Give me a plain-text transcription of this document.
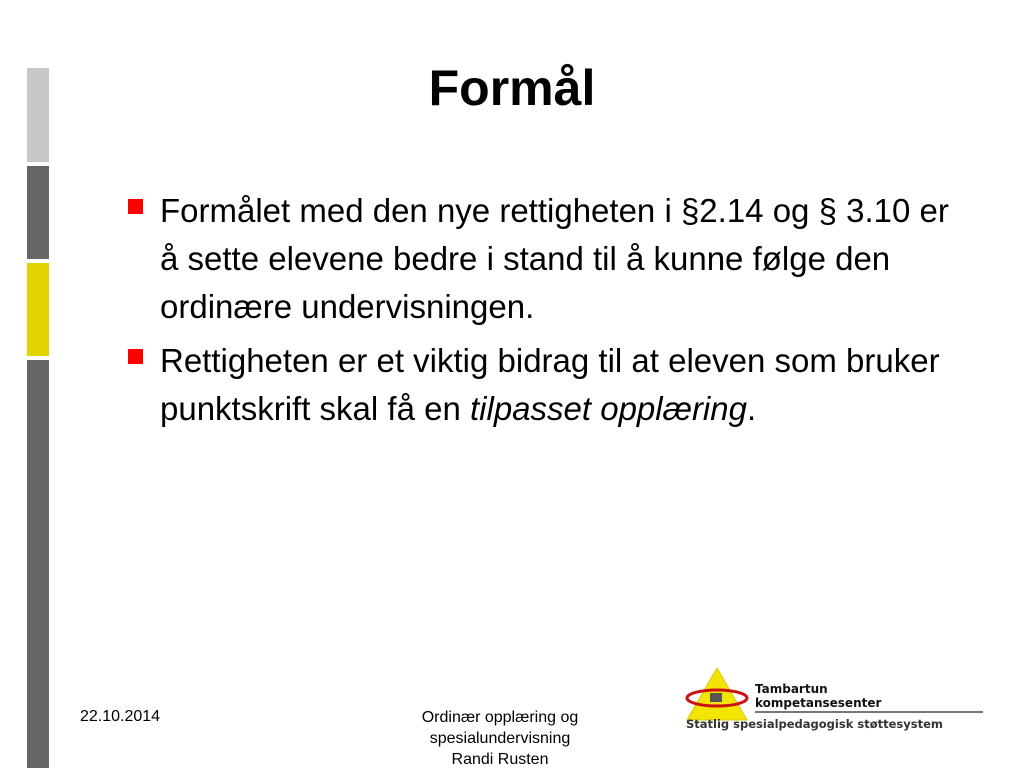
Formål
Formålet med den nye rettigheten i §2.14 og § 3.10 er å sette elevene bedre i stand til å kunne følge den ordinære undervisningen.
Rettigheten er et viktig bidrag til at eleven som bruker punktskrift skal få en tilpasset opplæring.
22.10.2014	Ordinær opplæring og
spesialundervisning
Randi Rusten
Tambartun
kompetansesenter
Statlig spesialpedagogisk støttesystem
